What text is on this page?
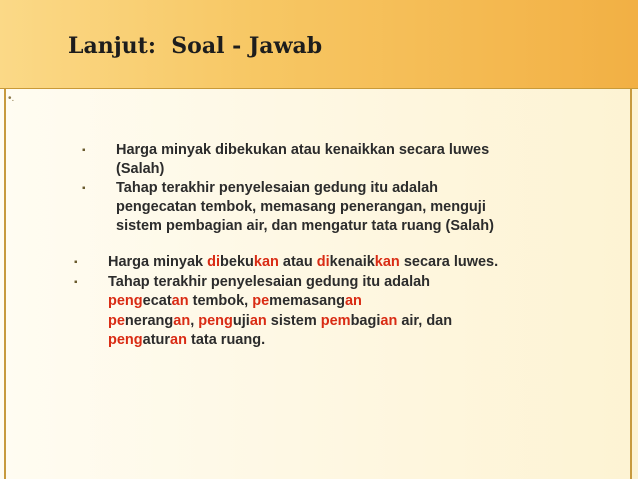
Lanjut:  Soal - Jawab
•.
▪ Harga minyak dibekukan atau kenaikkan secara luwes
(Salah)
▪ Tahap terakhir penyelesaian gedung itu adalah
pengecatan tembok, memasang penerangan, menguji
sistem pembagian air, dan mengatur tata ruang (Salah)
▪ Harga minyak dibekukan atau dikenaikkan secara luwes.
▪ Tahap terakhir penyelesaian gedung itu adalah
pengecatan tembok, pememasangan
penerangan, pengujian sistem pembagian air, dan
pengaturan tata ruang.
